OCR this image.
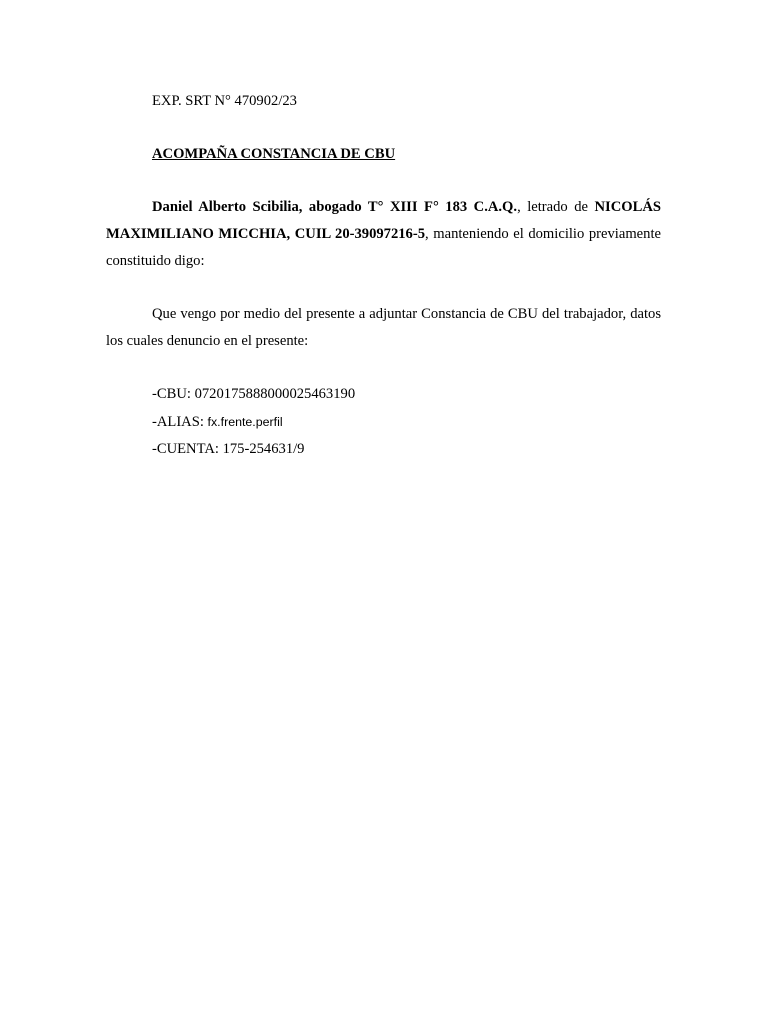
EXP. SRT N° 470902/23

ACOMPAÑA CONSTANCIA DE CBU

Daniel Alberto Scibilia, abogado T° XIII F° 183 C.A.Q., letrado de NICOLÁS MAXIMILIANO MICCHIA, CUIL 20-39097216-5, manteniendo el domicilio previamente constituido digo:

Que vengo por medio del presente a adjuntar Constancia de CBU del trabajador, datos los cuales denuncio en el presente:

-CBU: 0720175888000025463190

-ALIAS: fx.frente.perfil

-CUENTA: 175-254631/9
